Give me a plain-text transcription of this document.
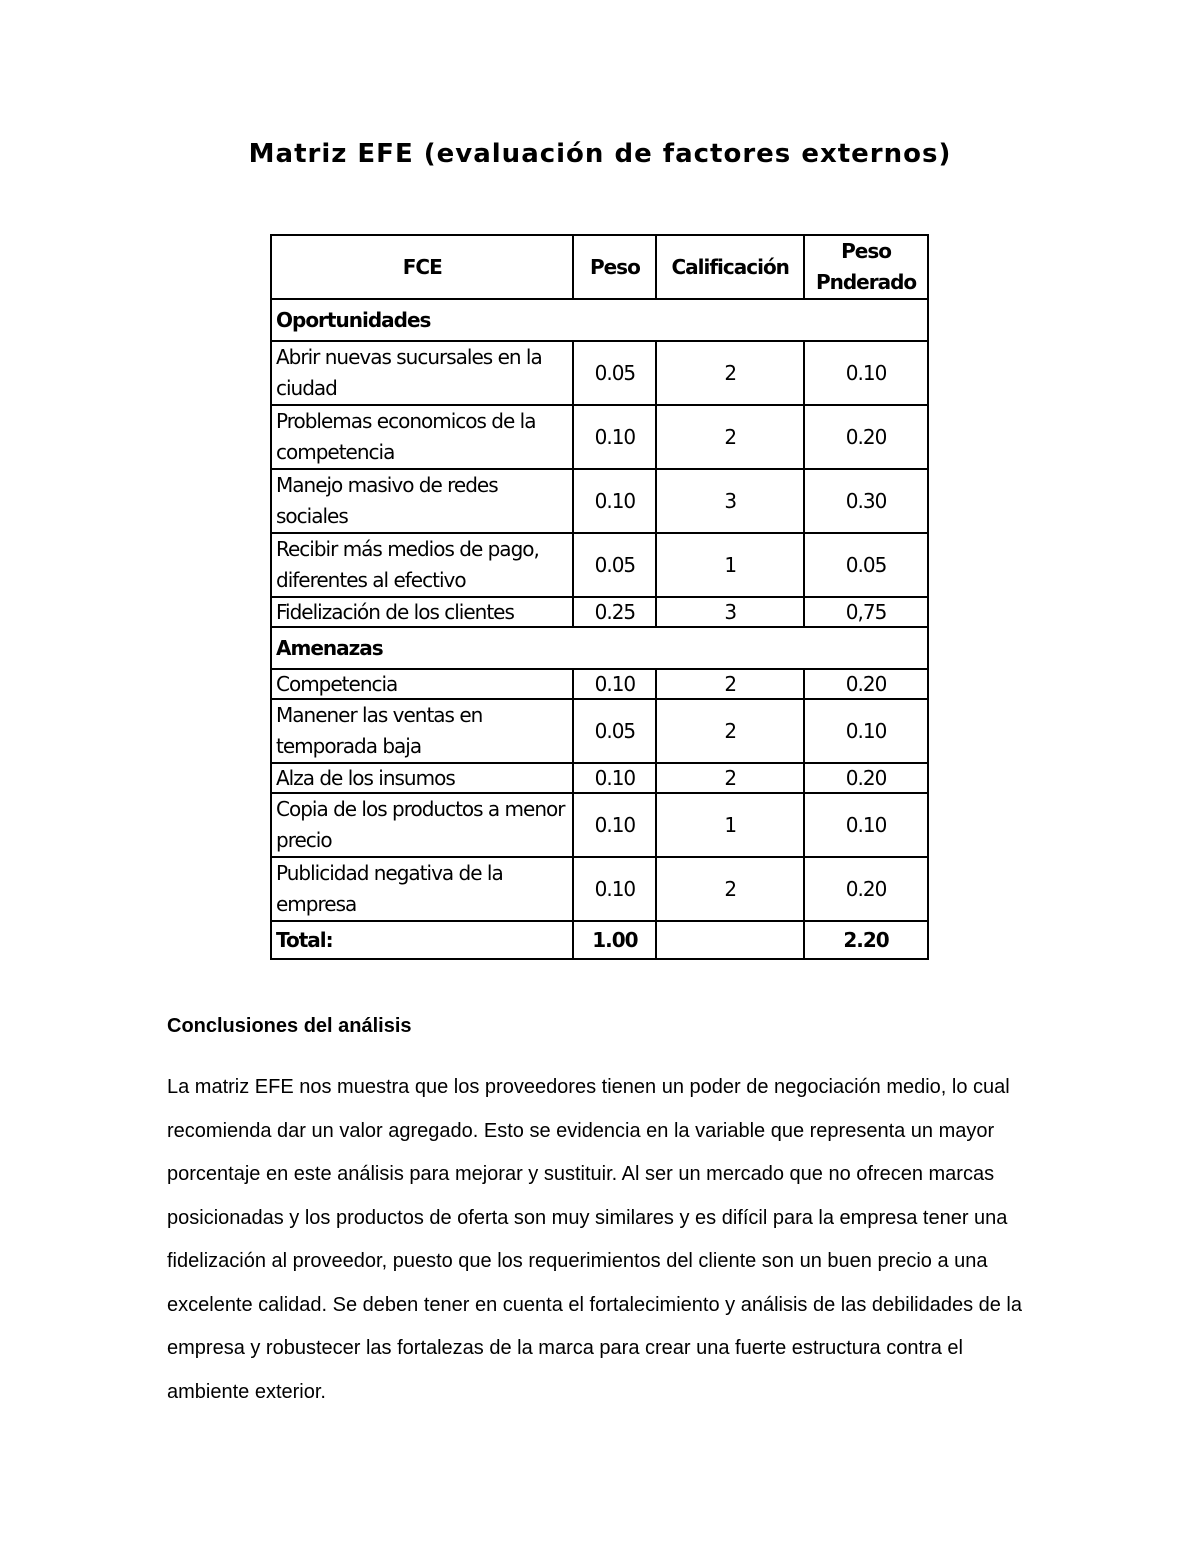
Matriz EFE (evaluación de factores externos)
FCE	Peso	Calificación	Peso Pnderado
Oportunidades			
Abrir nuevas sucursales en la ciudad	0.05	2	0.10
Problemas economicos de la competencia	0.10	2	0.20
Manejo masivo de redes sociales	0.10	3	0.30
Recibir más medios de pago, diferentes al efectivo	0.05	1	0.05
Fidelización de los clientes	0.25	3	0,75
Amenazas			
Competencia	0.10	2	0.20
Manener las ventas en temporada baja	0.05	2	0.10
Alza de los insumos	0.10	2	0.20
Copia de los productos a menor precio	0.10	1	0.10
Publicidad negativa de la empresa	0.10	2	0.20
Total:	1.00		2.20
Conclusiones del análisis

La matriz EFE nos muestra que los proveedores tienen un poder de negociación medio, lo cual recomienda dar un valor agregado. Esto se evidencia en la variable que representa un mayor porcentaje en este análisis para mejorar y sustituir. Al ser un mercado que no ofrecen marcas posicionadas y los productos de oferta son muy similares y es difícil para la empresa tener una fidelización al proveedor, puesto que los requerimientos del cliente son un buen precio a una excelente calidad. Se deben tener en cuenta el fortalecimiento y análisis de las debilidades de la empresa y robustecer las fortalezas de la marca para crear una fuerte estructura contra el ambiente exterior.
